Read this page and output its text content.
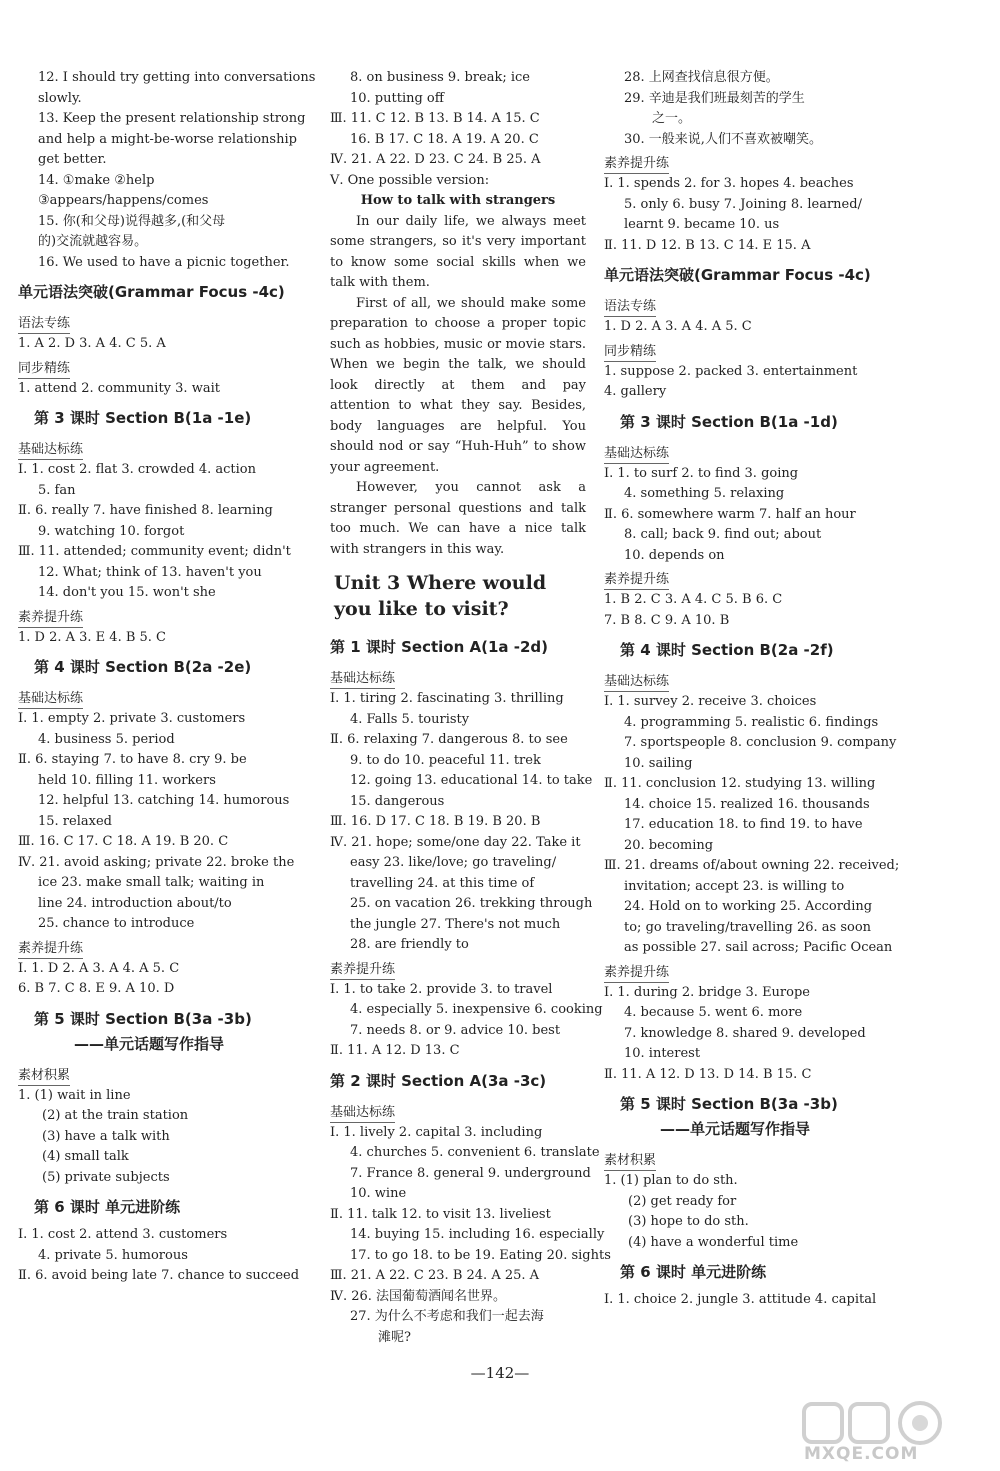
12. I should try getting into conversations
slowly.
13. Keep the present relationship strong
and help a might-be-worse relationship
get better.
14. ①make ②help
③appears/happens/comes
15. 你(和父母)说得越多,(和父母
的)交流就越容易。
16. We used to have a picnic together.
单元语法突破(Grammar Focus -4c)
语法专练
1. A 2. D 3. A 4. C 5. A
同步精练
1. attend 2. community 3. wait
第 3 课时 Section B(1a -1e)
基础达标练
Ⅰ. 1. cost 2. flat 3. crowded 4. action
5. fan
Ⅱ. 6. really 7. have finished 8. learning
9. watching 10. forgot
Ⅲ. 11. attended; community event; didn't
12. What; think of 13. haven't you
14. don't you 15. won't she
素养提升练
1. D 2. A 3. E 4. B 5. C
第 4 课时 Section B(2a -2e)
基础达标练
Ⅰ. 1. empty 2. private 3. customers
4. business 5. period
Ⅱ. 6. staying 7. to have 8. cry 9. be
held 10. filling 11. workers
12. helpful 13. catching 14. humorous
15. relaxed
Ⅲ. 16. C 17. C 18. A 19. B 20. C
Ⅳ. 21. avoid asking; private 22. broke the
ice 23. make small talk; waiting in
line 24. introduction about/to
25. chance to introduce
素养提升练
Ⅰ. 1. D 2. A 3. A 4. A 5. C
6. B 7. C 8. E 9. A 10. D
第 5 课时 Section B(3a -3b)
——单元话题写作指导
素材积累
1. (1) wait in line
(2) at the train station
(3) have a talk with
(4) small talk
(5) private subjects
第 6 课时 单元进阶练
Ⅰ. 1. cost 2. attend 3. customers
4. private 5. humorous
Ⅱ. 6. avoid being late 7. chance to succeed
8. on business 9. break; ice
10. putting off
Ⅲ. 11. C 12. B 13. B 14. A 15. C
16. B 17. C 18. A 19. A 20. C
Ⅳ. 21. A 22. D 23. C 24. B 25. A
Ⅴ. One possible version:
How to talk with strangers
In our daily life, we always meet some strangers, so it's very important to know some social skills when we talk with them.
First of all, we should make some preparation to choose a proper topic such as hobbies, music or movie stars. When we begin the talk, we should look directly at them and pay attention to what they say. Besides, body languages are helpful. You should nod or say “Huh-Huh” to show your agreement.
However, you cannot ask a stranger personal questions and talk too much. We can have a nice talk with strangers in this way.
Unit 3 Where would you like to visit?
第 1 课时 Section A(1a -2d)
基础达标练
Ⅰ. 1. tiring 2. fascinating 3. thrilling
4. Falls 5. touristy
Ⅱ. 6. relaxing 7. dangerous 8. to see
9. to do 10. peaceful 11. trek
12. going 13. educational 14. to take
15. dangerous
Ⅲ. 16. D 17. C 18. B 19. B 20. B
Ⅳ. 21. hope; some/one day 22. Take it
easy 23. like/love; go traveling/
travelling 24. at this time of
25. on vacation 26. trekking through
the jungle 27. There's not much
28. are friendly to
素养提升练
Ⅰ. 1. to take 2. provide 3. to travel
4. especially 5. inexpensive 6. cooking
7. needs 8. or 9. advice 10. best
Ⅱ. 11. A 12. D 13. C
第 2 课时 Section A(3a -3c)
基础达标练
Ⅰ. 1. lively 2. capital 3. including
4. churches 5. convenient 6. translate
7. France 8. general 9. underground
10. wine
Ⅱ. 11. talk 12. to visit 13. liveliest
14. buying 15. including 16. especially
17. to go 18. to be 19. Eating 20. sights
Ⅲ. 21. A 22. C 23. B 24. A 25. A
Ⅳ. 26. 法国葡萄酒闻名世界。
27. 为什么不考虑和我们一起去海
滩呢?
28. 上网查找信息很方便。
29. 辛迪是我们班最刻苦的学生
之一。
30. 一般来说,人们不喜欢被嘲笑。
素养提升练
Ⅰ. 1. spends 2. for 3. hopes 4. beaches
5. only 6. busy 7. Joining 8. learned/
learnt 9. became 10. us
Ⅱ. 11. D 12. B 13. C 14. E 15. A
单元语法突破(Grammar Focus -4c)
语法专练
1. D 2. A 3. A 4. A 5. C
同步精练
1. suppose 2. packed 3. entertainment
4. gallery
第 3 课时 Section B(1a -1d)
基础达标练
Ⅰ. 1. to surf 2. to find 3. going
4. something 5. relaxing
Ⅱ. 6. somewhere warm 7. half an hour
8. call; back 9. find out; about
10. depends on
素养提升练
1. B 2. C 3. A 4. C 5. B 6. C
7. B 8. C 9. A 10. B
第 4 课时 Section B(2a -2f)
基础达标练
Ⅰ. 1. survey 2. receive 3. choices
4. programming 5. realistic 6. findings
7. sportspeople 8. conclusion 9. company
10. sailing
Ⅱ. 11. conclusion 12. studying 13. willing
14. choice 15. realized 16. thousands
17. education 18. to find 19. to have
20. becoming
Ⅲ. 21. dreams of/about owning 22. received;
invitation; accept 23. is willing to
24. Hold on to working 25. According
to; go traveling/travelling 26. as soon
as possible 27. sail across; Pacific Ocean
素养提升练
Ⅰ. 1. during 2. bridge 3. Europe
4. because 5. went 6. more
7. knowledge 8. shared 9. developed
10. interest
Ⅱ. 11. A 12. D 13. D 14. B 15. C
第 5 课时 Section B(3a -3b)
——单元话题写作指导
素材积累
1. (1) plan to do sth.
(2) get ready for
(3) hope to do sth.
(4) have a wonderful time
第 6 课时 单元进阶练
Ⅰ. 1. choice 2. jungle 3. attitude 4. capital
—142—
MXQE.COM
